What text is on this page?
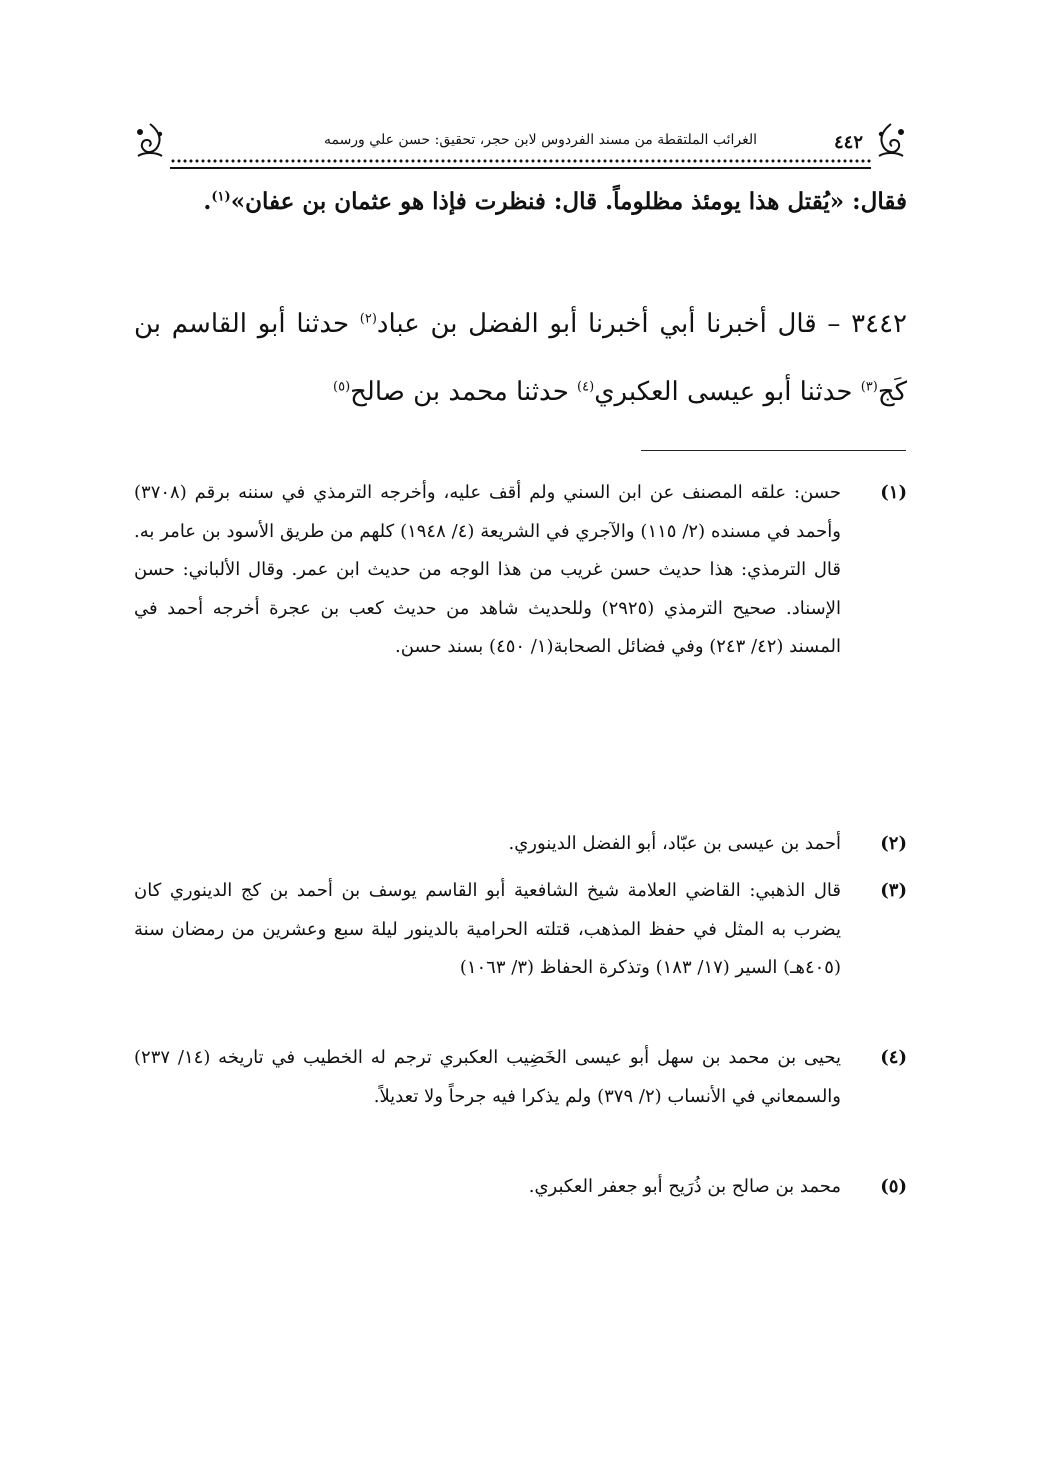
٤٤٢
الغرائب الملتقطة من مسند الفردوس لابن حجر، تحقيق: حسن علي ورسمه
فقال: «يُقتل هذا يومئذ مظلوماً. قال: فنظرت فإذا هو عثمان بن عفان»$^{(١)}$.
٣٤٤٢ – قال أخبرنا أبي أخبرنا أبو الفضل بن عباد$^{(٢)}$ حدثنا أبو القاسم بن كَج$^{(٣)}$ حدثنا أبو عيسى العكبري$^{(٤)}$ حدثنا محمد بن صالح$^{(٥)}$
(١)
حسن: علقه المصنف عن ابن السني ولم أقف عليه، وأخرجه الترمذي في سننه برقم (٣٧٠٨) وأحمد في مسنده (٢/ ١١٥) والآجري في الشريعة (٤/ ١٩٤٨) كلهم من طريق الأسود بن عامر به. قال الترمذي: هذا حديث حسن غريب من هذا الوجه من حديث ابن عمر. وقال الألباني: حسن الإسناد. صحيح الترمذي (٢٩٢٥) وللحديث شاهد من حديث كعب بن عجرة أخرجه أحمد في المسند (٤٢/ ٢٤٣) وفي فضائل الصحابة(١/ ٤٥٠) بسند حسن.
(٢)
أحمد بن عيسى بن عبّاد، أبو الفضل الدينوري.
(٣)
قال الذهبي: القاضي العلامة شيخ الشافعية أبو القاسم يوسف بن أحمد بن كج الدينوري كان يضرب به المثل في حفظ المذهب، قتلته الحرامية بالدينور ليلة سبع وعشرين من رمضان سنة (٤٠٥هـ) السير (١٧/ ١٨٣) وتذكرة الحفاظ (٣/ ١٠٦٣)
(٤)
يحيى بن محمد بن سهل أبو عيسى الخَضِيب العكبري ترجم له الخطيب في تاريخه (١٤/ ٢٣٧) والسمعاني في الأنساب (٢/ ٣٧٩) ولم يذكرا فيه جرحاً ولا تعديلاً.
(٥)
محمد بن صالح بن ذُرَيح أبو جعفر العكبري.
